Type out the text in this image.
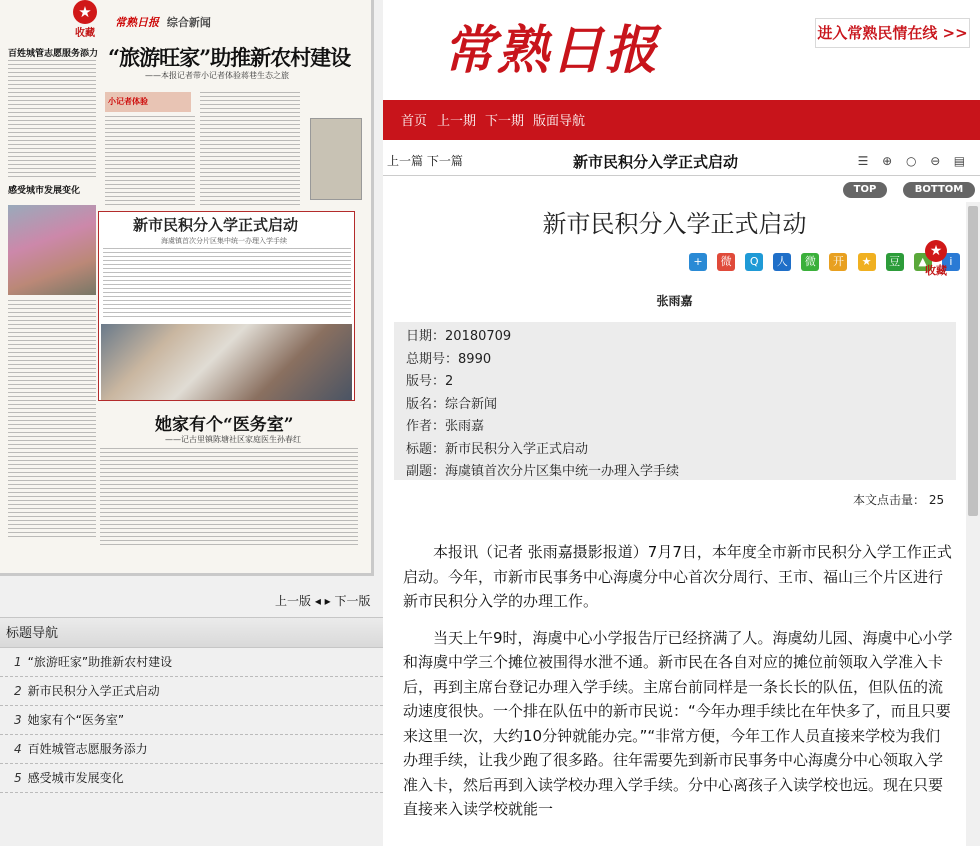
常熟日报 综合新闻
“旅游旺家”助推新农村建设
——本报记者带小记者体验蒋巷生态之旅
百姓城管志愿服务添力
感受城市发展变化
小记者体验
新市民积分入学正式启动
海虞镇首次分片区集中统一办理入学手续
她家有个“医务室”
——记古里镇陈塘社区家庭医生孙春红
★
收藏
上一版 ◂ ▸ 下一版
标题导航
1 “旅游旺家”助推新农村建设
2 新市民积分入学正式启动
3 她家有个“医务室”
4 百姓城管志愿服务添力
5 感受城市发展变化
常熟日报	进入常熟民情在线 >>
首页 上一期 下一期 版面导航
上一篇 下一篇	新市民积分入学正式启动	☰ ⊕ ○ ⊖ ▤
TOP	BOTTOM
新市民积分入学正式启动
+ 微 Q 人 微 开 ★ 豆 ▲ i
★
收藏
张雨嘉
日期：20180709
总期号：8990
版号：2
版名：综合新闻
作者：张雨嘉
标题：新市民积分入学正式启动
副题：海虞镇首次分片区集中统一办理入学手续
本文点击量： 25

本报讯（记者 张雨嘉摄影报道）7月7日，本年度全市新市民积分入学工作正式启动。今年，市新市民事务中心海虞分中心首次分周行、王市、福山三个片区进行新市民积分入学的办理工作。

当天上午9时，海虞中心小学报告厅已经挤满了人。海虞幼儿园、海虞中心小学和海虞中学三个摊位被围得水泄不通。新市民在各自对应的摊位前领取入学准入卡后，再到主席台登记办理入学手续。主席台前同样是一条长长的队伍，但队伍的流动速度很快。一个排在队伍中的新市民说：“今年办理手续比在年快多了，而且只要来这里一次，大约10分钟就能办完。”“非常方便，今年工作人员直接来学校为我们办理手续，让我少跑了很多路。往年需要先到新市民事务中心海虞分中心领取入学准入卡，然后再到入读学校办理入学手续。分中心离孩子入读学校也远。现在只要直接来入读学校就能一
